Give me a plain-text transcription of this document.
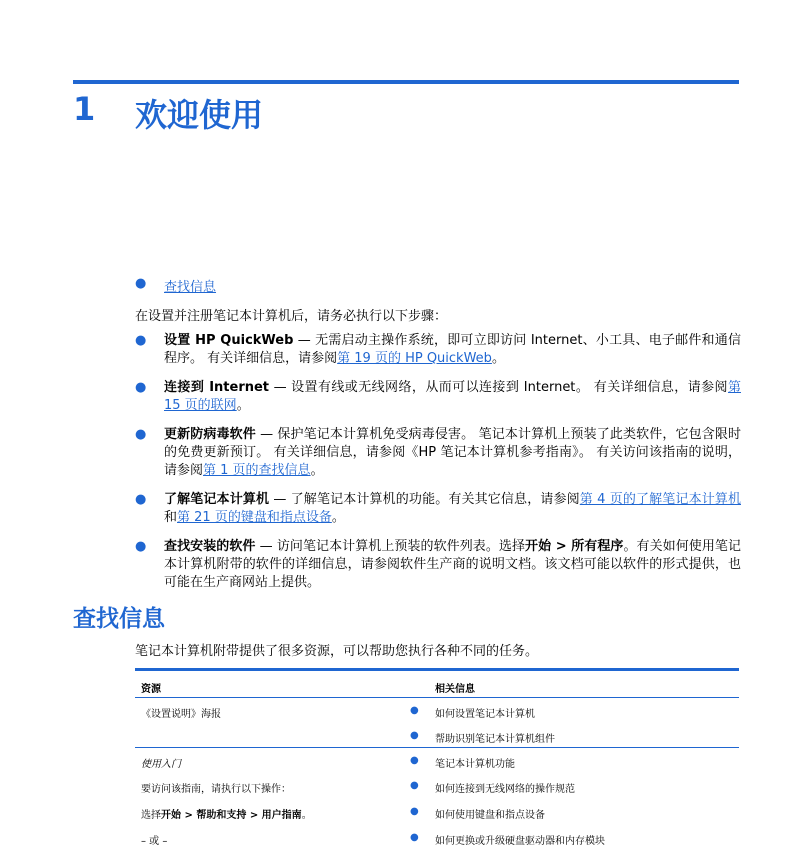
1 欢迎使用
● 查找信息
在设置并注册笔记本计算机后，请务必执行以下步骤：
● 设置 HP QuickWeb — 无需启动主操作系统，即可立即访问 Internet、小工具、电子邮件和通信程序。 有关详细信息，请参阅第 19 页的 HP QuickWeb。
● 连接到 Internet — 设置有线或无线网络，从而可以连接到 Internet。 有关详细信息，请参阅第 15 页的联网。
● 更新防病毒软件 — 保护笔记本计算机免受病毒侵害。 笔记本计算机上预装了此类软件，它包含限时的免费更新预订。 有关详细信息，请参阅《HP 笔记本计算机参考指南》。 有关访问该指南的说明，请参阅第 1 页的查找信息。
● 了解笔记本计算机 — 了解笔记本计算机的功能。有关其它信息，请参阅第 4 页的了解笔记本计算机和第 21 页的键盘和指点设备。
● 查找安装的软件 — 访问笔记本计算机上预装的软件列表。选择开始 > 所有程序。有关如何使用笔记本计算机附带的软件的详细信息，请参阅软件生产商的说明文档。该文档可能以软件的形式提供，也可能在生产商网站上提供。
查找信息
笔记本计算机附带提供了很多资源，可以帮助您执行各种不同的任务。
资源	相关信息
《设置说明》海报	● 如何设置笔记本计算机
● 帮助识别笔记本计算机组件
使用入门	● 笔记本计算机功能
要访问该指南，请执行以下操作：	● 如何连接到无线网络的操作规范
选择开始 > 帮助和支持 > 用户指南。	● 如何使用键盘和指点设备
– 或 –	● 如何更换或升级硬盘驱动器和内存模块
